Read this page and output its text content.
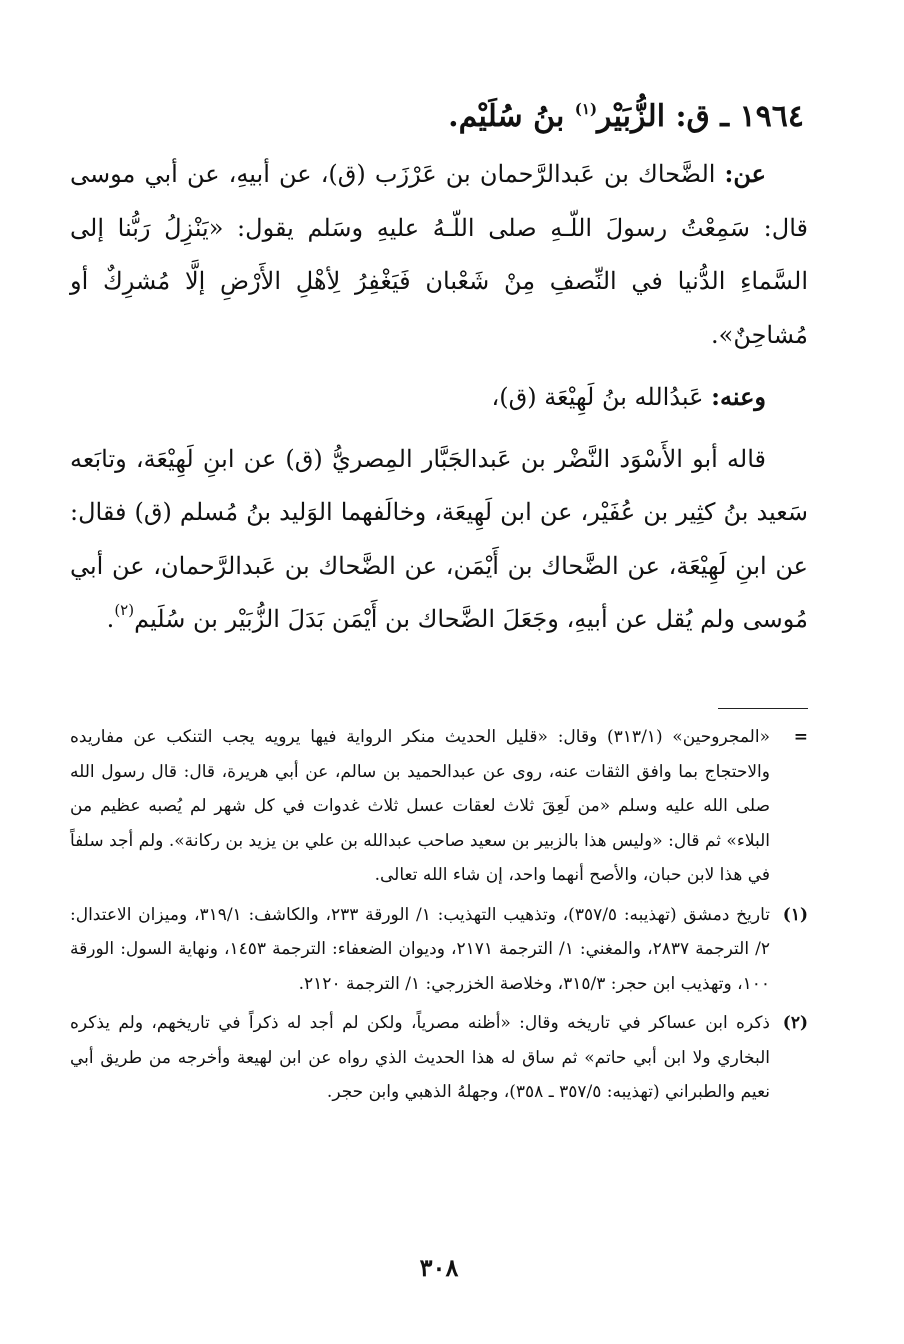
١٩٦٤ ـ ق: الزُّبَيْر$^{(١)}$ بنُ سُلَيْم.

عن: الضَّحاك بن عَبدالرَّحمان بن عَرْزَب (ق)، عن أبيهِ، عن أبي موسى قال: سَمِعْتُ رسولَ اللّـهِ صلى اللّـهُ عليهِ وسَلم يقول: «يَنْزِلُ رَبُّنا إلى السَّماءِ الدُّنيا في النِّصفِ مِنْ شَعْبان فَيَغْفِرُ لِأهْلِ الأَرْضِ إلَّا مُشرِكٌ أو مُشاحِنٌ».

وعنه: عَبدُالله بنُ لَهِيْعَة (ق)،

قاله أبو الأَسْوَد النَّضْر بن عَبدالجَبَّار المِصريُّ (ق) عن ابنِ لَهِيْعَة، وتابَعه سَعيد بنُ كثِير بن عُفَيْر، عن ابن لَهِيعَة، وخالَفهما الوَليد بنُ مُسلم (ق) فقال: عن ابنِ لَهِيْعَة، عن الضَّحاك بن أَيْمَن، عن الضَّحاك بن عَبدالرَّحمان، عن أبي مُوسى ولم يُقل عن أبيهِ، وجَعَلَ الضَّحاك بن أَيْمَن بَدَلَ الزُّبَيْر بن سُلَيم$^{(٢)}$.

=
«المجروحين» (٣١٣/١) وقال: «قليل الحديث منكر الرواية فيها يرويه يجب التنكب عن مفاريده والاحتجاج بما وافق الثقات عنه، روى عن عبدالحميد بن سالم، عن أبي هريرة، قال: قال رسول الله صلى الله عليه وسلم «من لَعِقَ ثلاث لعقات عسل ثلاث غدوات في كل شهر لم يُصبه عظيم من البلاء» ثم قال: «وليس هذا بالزبير بن سعيد صاحب عبدالله بن علي بن يزيد بن ركانة». ولم أجد سلفاً في هذا لابن حبان، والأصح أنهما واحد، إن شاء الله تعالى.
(١)
تاريخ دمشق (تهذيبه: ٣٥٧/٥)، وتذهيب التهذيب: ١/ الورقة ٢٣٣، والكاشف: ٣١٩/١، وميزان الاعتدال: ٢/ الترجمة ٢٨٣٧، والمغني: ١/ الترجمة ٢١٧١، وديوان الضعفاء: الترجمة ١٤٥٣، ونهاية السول: الورقة ١٠٠، وتهذيب ابن حجر: ٣١٥/٣، وخلاصة الخزرجي: ١/ الترجمة ٢١٢٠.
(٢)
ذكره ابن عساكر في تاريخه وقال: «أظنه مصرياً، ولكن لم أجد له ذكراً في تاريخهم، ولم يذكره البخاري ولا ابن أبي حاتم» ثم ساق له هذا الحديث الذي رواه عن ابن لهيعة وأخرجه من طريق أبي نعيم والطبراني (تهذيبه: ٣٥٧/٥ ـ ٣٥٨)، وجهلهُ الذهبي وابن حجر.
٣٠٨
